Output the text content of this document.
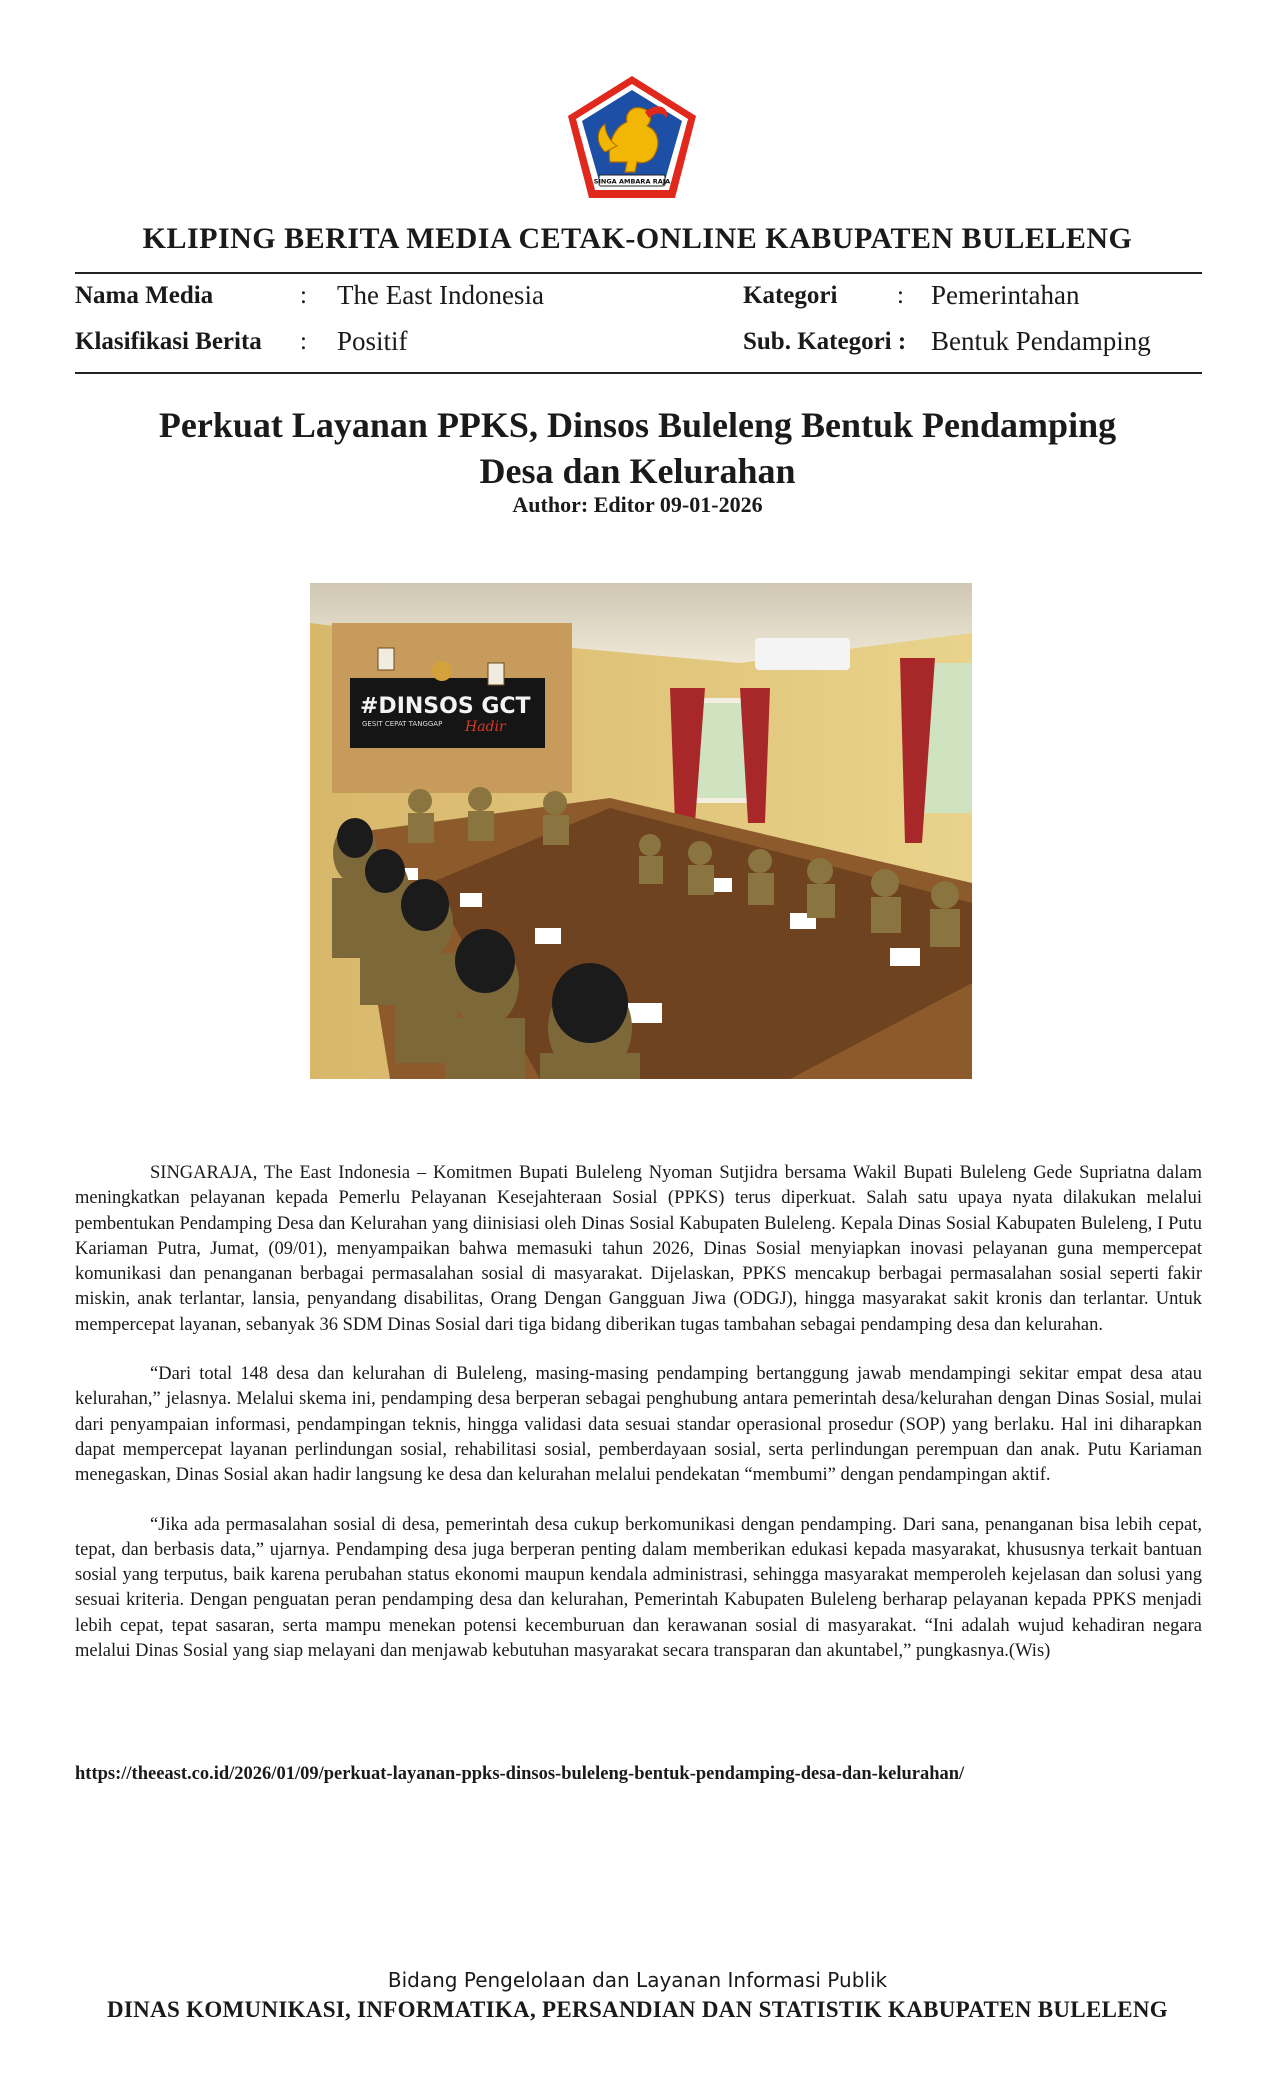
SINGA AMBARA RAJA
KLIPING BERITA MEDIA CETAK-ONLINE KABUPATEN BULELENG
Nama Media	: The East Indonesia	Kategori : Pemerintahan
Klasifikasi Berita : Positif	Sub. Kategori : Bentuk Pendamping
Perkuat Layanan PPKS, Dinsos Buleleng Bentuk Pendamping Desa dan Kelurahan
Author: Editor 09-01-2026
#DINSOS GCT
GESIT CEPAT TANGGAP Hadir

SINGARAJA, The East Indonesia – Komitmen Bupati Buleleng Nyoman Sutjidra bersama Wakil Bupati Buleleng Gede Supriatna dalam meningkatkan pelayanan kepada Pemerlu Pelayanan Kesejahteraan Sosial (PPKS) terus diperkuat. Salah satu upaya nyata dilakukan melalui pembentukan Pendamping Desa dan Kelurahan yang diinisiasi oleh Dinas Sosial Kabupaten Buleleng. Kepala Dinas Sosial Kabupaten Buleleng, I Putu Kariaman Putra, Jumat, (09/01), menyampaikan bahwa memasuki tahun 2026, Dinas Sosial menyiapkan inovasi pelayanan guna mempercepat komunikasi dan penanganan berbagai permasalahan sosial di masyarakat. Dijelaskan, PPKS mencakup berbagai permasalahan sosial seperti fakir miskin, anak terlantar, lansia, penyandang disabilitas, Orang Dengan Gangguan Jiwa (ODGJ), hingga masyarakat sakit kronis dan terlantar. Untuk mempercepat layanan, sebanyak 36 SDM Dinas Sosial dari tiga bidang diberikan tugas tambahan sebagai pendamping desa dan kelurahan.

“Dari total 148 desa dan kelurahan di Buleleng, masing-masing pendamping bertanggung jawab mendampingi sekitar empat desa atau kelurahan,” jelasnya. Melalui skema ini, pendamping desa berperan sebagai penghubung antara pemerintah desa/kelurahan dengan Dinas Sosial, mulai dari penyampaian informasi, pendampingan teknis, hingga validasi data sesuai standar operasional prosedur (SOP) yang berlaku. Hal ini diharapkan dapat mempercepat layanan perlindungan sosial, rehabilitasi sosial, pemberdayaan sosial, serta perlindungan perempuan dan anak. Putu Kariaman menegaskan, Dinas Sosial akan hadir langsung ke desa dan kelurahan melalui pendekatan “membumi” dengan pendampingan aktif.

“Jika ada permasalahan sosial di desa, pemerintah desa cukup berkomunikasi dengan pendamping. Dari sana, penanganan bisa lebih cepat, tepat, dan berbasis data,” ujarnya. Pendamping desa juga berperan penting dalam memberikan edukasi kepada masyarakat, khususnya terkait bantuan sosial yang terputus, baik karena perubahan status ekonomi maupun kendala administrasi, sehingga masyarakat memperoleh kejelasan dan solusi yang sesuai kriteria. Dengan penguatan peran pendamping desa dan kelurahan, Pemerintah Kabupaten Buleleng berharap pelayanan kepada PPKS menjadi lebih cepat, tepat sasaran, serta mampu menekan potensi kecemburuan dan kerawanan sosial di masyarakat. “Ini adalah wujud kehadiran negara melalui Dinas Sosial yang siap melayani dan menjawab kebutuhan masyarakat secara transparan dan akuntabel,” pungkasnya.(Wis)

https://theeast.co.id/2026/01/09/perkuat-layanan-ppks-dinsos-buleleng-bentuk-pendamping-desa-dan-kelurahan/
Bidang Pengelolaan dan Layanan Informasi Publik
DINAS KOMUNIKASI, INFORMATIKA, PERSANDIAN DAN STATISTIK KABUPATEN BULELENG
